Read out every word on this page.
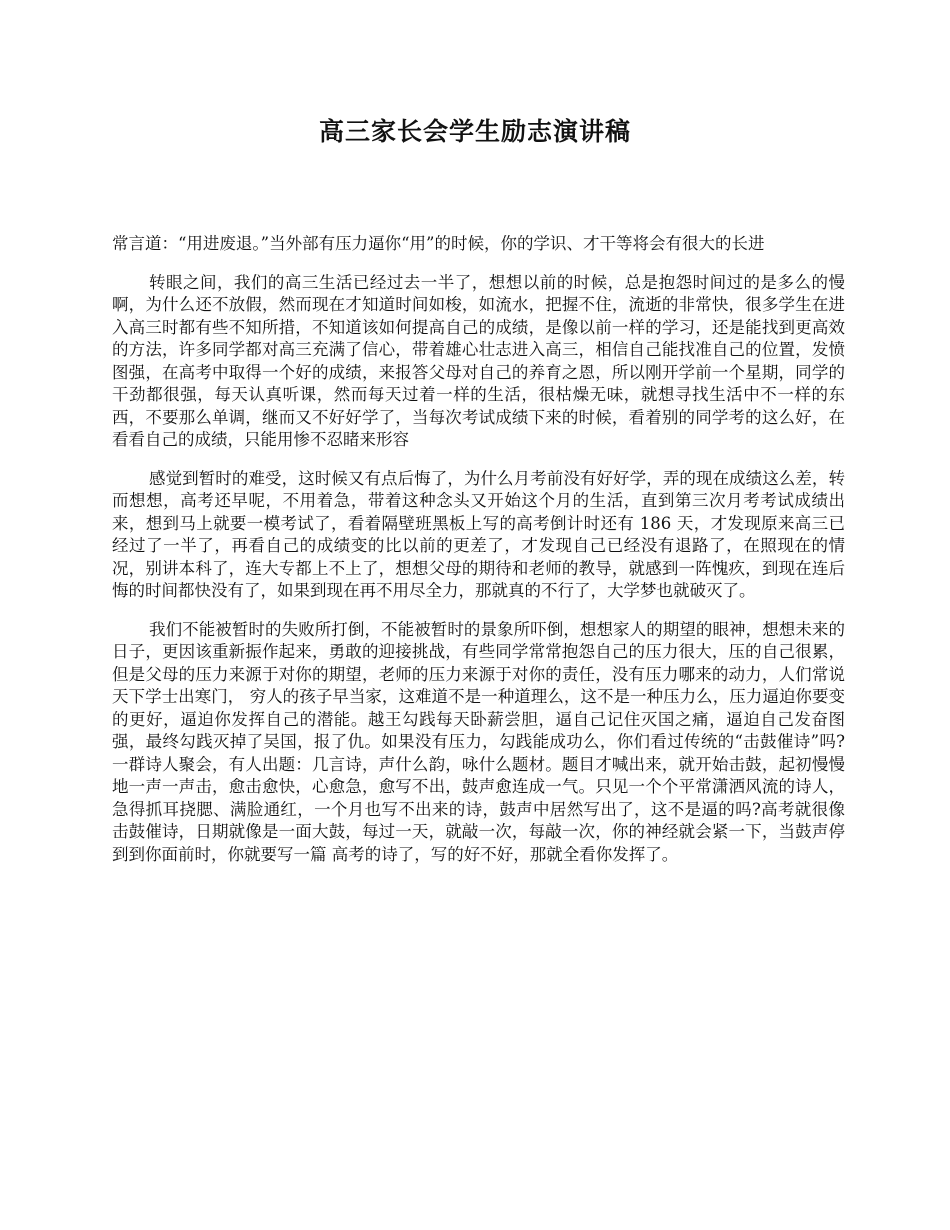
高三家长会学生励志演讲稿

常言道：“用进废退。”当外部有压力逼你“用”的时候，你的学识、才干等将会有很大的长进

转眼之间，我们的高三生活已经过去一半了，想想以前的时候，总是抱怨时间过的是多么的慢啊，为什么还不放假，然而现在才知道时间如梭，如流水，把握不住，流逝的非常快，很多学生在进入高三时都有些不知所措，不知道该如何提高自己的成绩，是像以前一样的学习，还是能找到更高效的方法，许多同学都对高三充满了信心，带着雄心壮志进入高三，相信自己能找准自己的位置，发愤图强，在高考中取得一个好的成绩，来报答父母对自己的养育之恩，所以刚开学前一个星期，同学的干劲都很强，每天认真听课，然而每天过着一样的生活，很枯燥无味，就想寻找生活中不一样的东西，不要那么单调，继而又不好好学了，当每次考试成绩下来的时候，看着别的同学考的这么好，在看看自己的成绩，只能用惨不忍睹来形容

感觉到暂时的难受，这时候又有点后悔了，为什么月考前没有好好学，弄的现在成绩这么差，转而想想，高考还早呢，不用着急，带着这种念头又开始这个月的生活，直到第三次月考考试成绩出来，想到马上就要一模考试了，看着隔壁班黑板上写的高考倒计时还有 186 天，才发现原来高三已经过了一半了，再看自己的成绩变的比以前的更差了，才发现自己已经没有退路了，在照现在的情况，别讲本科了，连大专都上不上了，想想父母的期待和老师的教导，就感到一阵愧疚，到现在连后悔的时间都快没有了，如果到现在再不用尽全力，那就真的不行了，大学梦也就破灭了。

我们不能被暂时的失败所打倒，不能被暂时的景象所吓倒，想想家人的期望的眼神，想想未来的日子，更因该重新振作起来，勇敢的迎接挑战，有些同学常常抱怨自己的压力很大，压的自己很累，但是父母的压力来源于对你的期望，老师的压力来源于对你的责任，没有压力哪来的动力，人们常说 天下学士出寒门， 穷人的孩子早当家，这难道不是一种道理么，这不是一种压力么，压力逼迫你要变的更好，逼迫你发挥自己的潜能。越王勾践每天卧薪尝胆，逼自己记住灭国之痛，逼迫自己发奋图强，最终勾践灭掉了吴国，报了仇。如果没有压力，勾践能成功么，你们看过传统的“击鼓催诗”吗?一群诗人聚会，有人出题：几言诗，声什么韵，咏什么题材。题目才喊出来，就开始击鼓，起初慢慢地一声一声击，愈击愈快，心愈急，愈写不出，鼓声愈连成一气。只见一个个平常潇洒风流的诗人，急得抓耳挠腮、满脸通红，一个月也写不出来的诗，鼓声中居然写出了，这不是逼的吗?高考就很像击鼓催诗，日期就像是一面大鼓，每过一天，就敲一次，每敲一次，你的神经就会紧一下，当鼓声停到到你面前时，你就要写一篇 高考的诗了，写的好不好，那就全看你发挥了。
